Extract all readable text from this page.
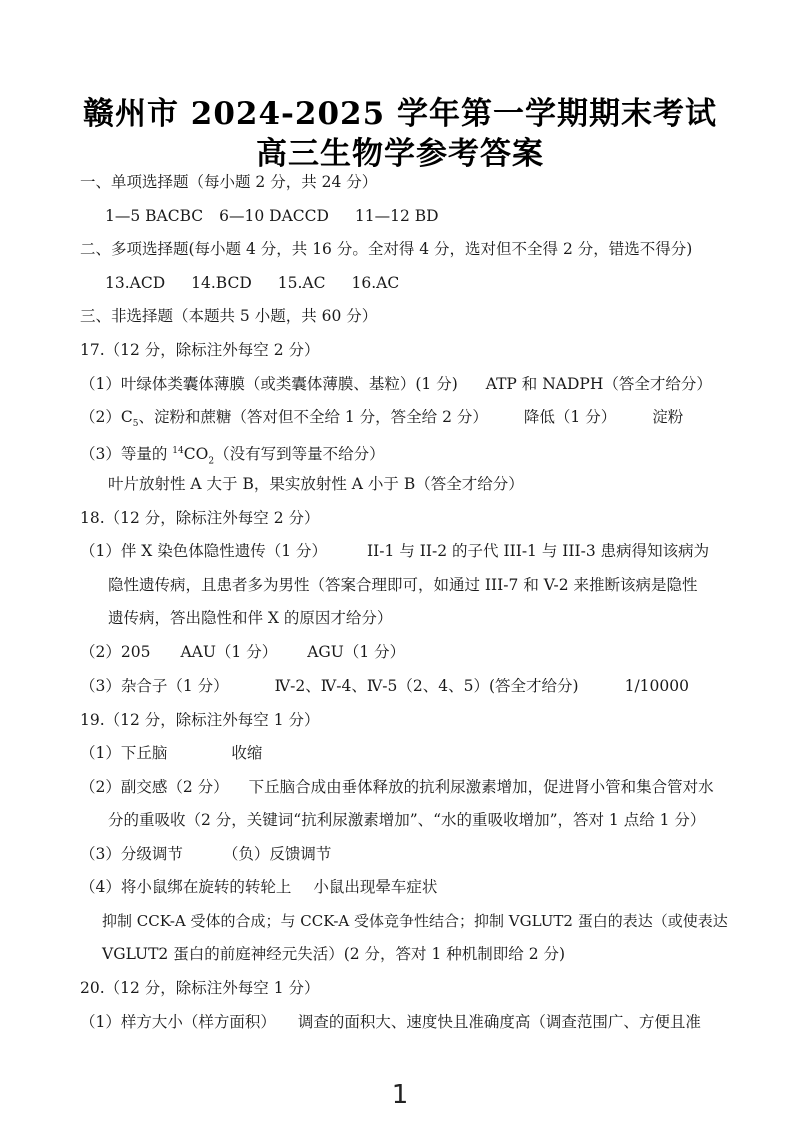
赣州市 2024-2025 学年第一学期期末考试
高三生物学参考答案
一、单项选择题（每小题 2 分，共 24 分）
1—5 BACBC 6—10 DACCD 11—12 BD
二、多项选择题(每小题 4 分，共 16 分。全对得 4 分，选对但不全得 2 分，错选不得分)
13.ACD 14.BCD 15.AC 16.AC
三、非选择题（本题共 5 小题，共 60 分）
17.（12 分，除标注外每空 2 分）
（1）叶绿体类囊体薄膜（或类囊体薄膜、基粒）(1 分) ATP 和 NADPH（答全才给分）
$(2)C_5$、淀粉和蔗糖（答对但不全给 1 分，答全给 2 分） 降低（1 分） 淀粉
（3）等量的 $^{14}CO_2$（没有写到等量不给分）
叶片放射性 A 大于 B，果实放射性 A 小于 B（答全才给分）
18.（12 分，除标注外每空 2 分）
（1）伴 X 染色体隐性遗传（1 分）	II-1 与 II-2 的子代 III-1 与 III-3 患病得知该病为
隐性遗传病，且患者多为男性（答案合理即可，如通过 III-7 和 V-2 来推断该病是隐性
遗传病，答出隐性和伴 X 的原因才给分）
（2）205 AAU（1 分） AGU（1 分）
（3）杂合子（1 分）	Ⅳ-2、Ⅳ-4、Ⅳ-5（2、4、5）(答全才给分)	1/10000
19.（12 分，除标注外每空 1 分）
（1）下丘脑	收缩
（2）副交感（2 分） 下丘脑合成由垂体释放的抗利尿激素增加，促进肾小管和集合管对水
分的重吸收（2 分，关键词“抗利尿激素增加”、“水的重吸收增加”，答对 1 点给 1 分）
（3）分级调节	（负）反馈调节
（4）将小鼠绑在旋转的转轮上 小鼠出现晕车症状
抑制 CCK-A 受体的合成；与 CCK-A 受体竞争性结合；抑制 VGLUT2 蛋白的表达（或使表达
VGLUT2 蛋白的前庭神经元失活）(2 分，答对 1 种机制即给 2 分)
20.（12 分，除标注外每空 1 分）
（1）样方大小（样方面积） 调查的面积大、速度快且准确度高（调查范围广、方便且准
1
